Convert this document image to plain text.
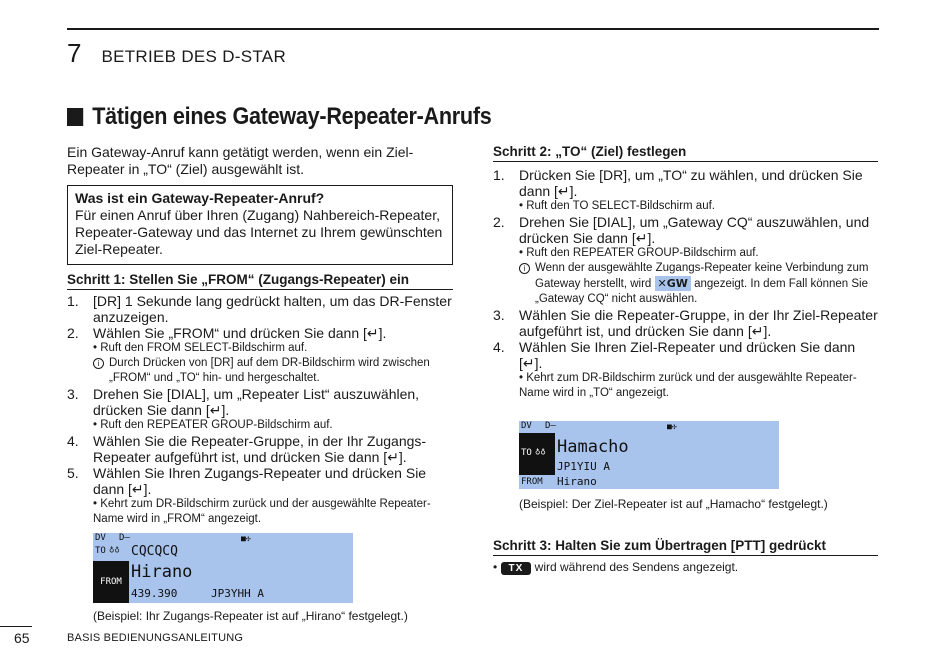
7 BETRIEB DES D-STAR
Tätigen eines Gateway-Repeater-Anrufs
Ein Gateway-Anruf kann getätigt werden, wenn ein Ziel-Repeater in „TO“ (Ziel) ausgewählt ist.
Was ist ein Gateway-Repeater-Anruf?
Für einen Anruf über Ihren (Zugang) Nahbereich-Repeater, Repeater-Gateway und das Internet zu Ihrem gewünschten Ziel-Repeater.
Schritt 1: Stellen Sie „FROM“ (Zugangs-Repeater) ein
1. [DR] 1 Sekunde lang gedrückt halten, um das DR-Fenster anzuzeigen.
2. Wählen Sie „FROM“ und drücken Sie dann [↵].
• Ruft den FROM SELECT-Bildschirm auf.
i Durch Drücken von [DR] auf dem DR-Bildschirm wird zwischen „FROM“ und „TO“ hin- und hergeschaltet.
3. Drehen Sie [DIAL], um „Repeater List“ auszuwählen, drücken Sie dann [↵].
• Ruft den REPEATER GROUP-Bildschirm auf.
4. Wählen Sie die Repeater-Gruppe, in der Ihr Zugangs-Repeater aufgeführt ist, und drücken Sie dann [↵].
5. Wählen Sie Ihren Zugangs-Repeater und drücken Sie dann [↵].
• Kehrt zum DR-Bildschirm zurück und der ausgewählte Repeater-Name wird in „FROM“ angezeigt.
DV D–	■✣
TO ♁♁ CQCQCQ
FROM Hirano
439.390	JP3YHH A
(Beispiel: Ihr Zugangs-Repeater ist auf „Hirano“ festgelegt.)
Schritt 2: „TO“ (Ziel) festlegen
1. Drücken Sie [DR], um „TO“ zu wählen, und drücken Sie dann [↵].
• Ruft den TO SELECT-Bildschirm auf.
2. Drehen Sie [DIAL], um „Gateway CQ“ auszuwählen, und drücken Sie dann [↵].
• Ruft den REPEATER GROUP-Bildschirm auf.
i Wenn der ausgewählte Zugangs-Repeater keine Verbindung zum Gateway herstellt, wird ✕GW angezeigt. In dem Fall können Sie „Gateway CQ“ nicht auswählen.
3. Wählen Sie die Repeater-Gruppe, in der Ihr Ziel-Repeater aufgeführt ist, und drücken Sie dann [↵].
4. Wählen Sie Ihren Ziel-Repeater und drücken Sie dann [↵].
• Kehrt zum DR-Bildschirm zurück und der ausgewählte Repeater-Name wird in „TO“ angezeigt.
DV D–	■✣
TO ♁♁ Hamacho
JP1YIU A
FROM Hirano
(Beispiel: Der Ziel-Repeater ist auf „Hamacho“ festgelegt.)
Schritt 3: Halten Sie zum Übertragen [PTT] gedrückt
• TX wird während des Sendens angezeigt.
65	BASIS BEDIENUNGSANLEITUNG
